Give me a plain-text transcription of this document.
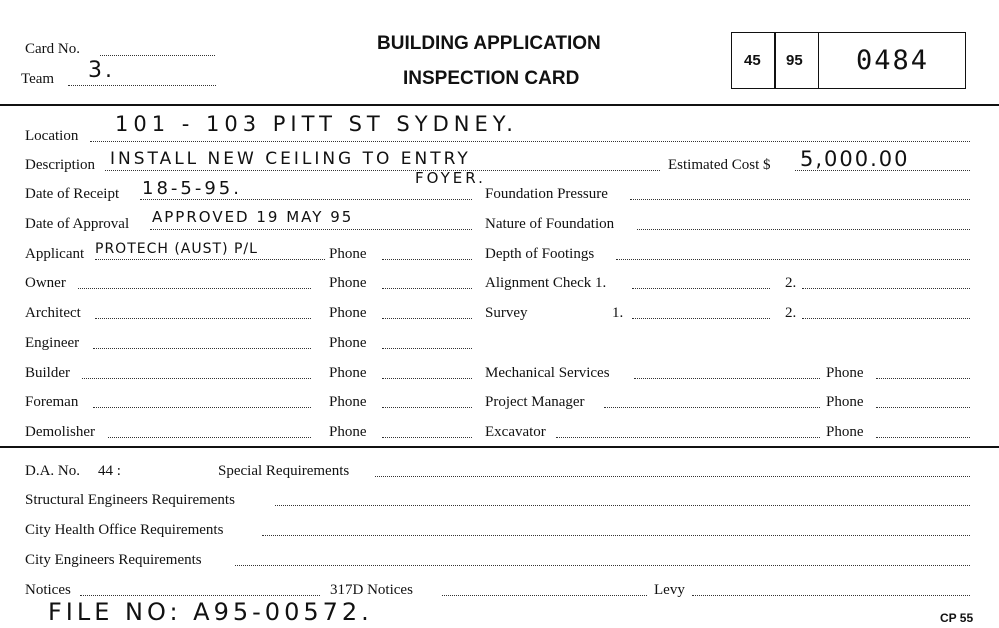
Card No.
Team 3.
BUILDING APPLICATION
INSPECTION CARD
45 95 0484
Location 101 - 103 PITT ST SYDNEY.
Description INSTALL NEW CEILING TO ENTRY
FOYER.
Estimated Cost $ 5,000.00
Date of Receipt 18-5-95.	Foundation Pressure
Date of Approval APPROVED 19 MAY 95	Nature of Foundation
Applicant PROTECH (AUST) P/L	Phone	Depth of Footings
Owner	Phone	Alignment Check 1.	2.
Architect	Phone	Survey	1.	2.
Engineer	Phone
Builder	Phone	Mechanical Services	Phone
Foreman	Phone	Project Manager	Phone
Demolisher	Phone	Excavator	Phone
D.A. No. 44 :	Special Requirements
Structural Engineers Requirements
City Health Office Requirements
City Engineers Requirements
Notices	317D Notices	Levy
FILE NO: A95-00572.	CP 55
